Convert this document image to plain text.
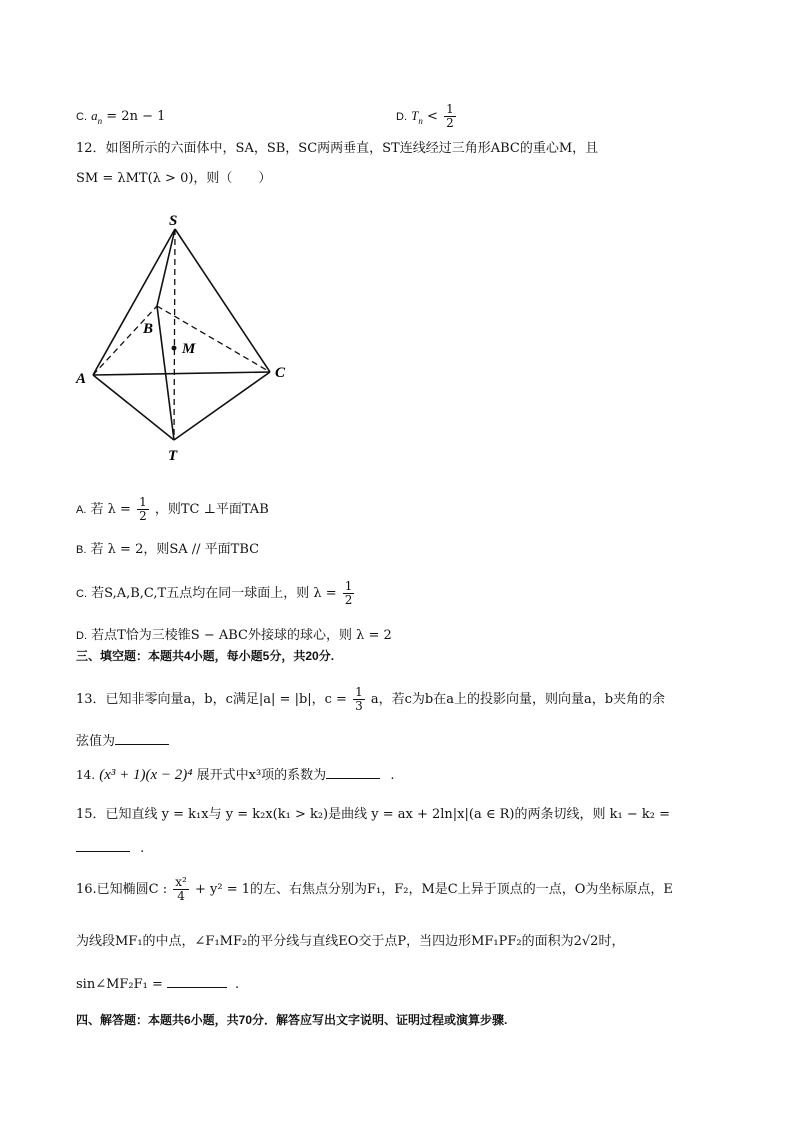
C. $a_n = 2n - 1$	D. $T_n < \frac{1}{2}$
12．如图所示的六面体中，SA，SB，SC两两垂直，ST连线经过三角形ABC的重心M，且
SM = λMT(λ > 0)，则（　　）
S
B
M
A	C
T
A. 若 $\lambda = \frac{1}{2}$ ，则TC ⊥平面TAB
B. 若 λ = 2，则SA // 平面TBC
C. 若S,A,B,C,T五点均在同一球面上，则 $\lambda = \frac{1}{2}$
D. 若点T恰为三棱锥S − ABC外接球的球心，则 λ = 2
三、填空题：本题共4小题，每小题5分，共20分.
13．已知非零向量a，b，c满足|a| = |b|，$c = \frac{1}{3}$ a，若c为b在a上的投影向量，则向量a，b夹角的余
弦值为
14. (x³ + 1)(x − 2)⁴ 展开式中x³项的系数为	.
15．已知直线 y = k₁x与 y = k₂x(k₁ > k₂)是曲线 y = ax + 2ln|x|(a ∈ R)的两条切线，则 k₁ − k₂ =
.
16.已知椭圆C : $\frac{\text{x²}}{4} + y^2 = 1$的左、右焦点分别为F₁，F₂，M是C上异于顶点的一点，O为坐标原点，E
为线段MF₁的中点，∠F₁MF₂的平分线与直线EO交于点P，当四边形MF₁PF₂的面积为2√2时，
sin∠MF₂F₁ =	.
四、解答题：本题共6小题，共70分．解答应写出文字说明、证明过程或演算步骤.
